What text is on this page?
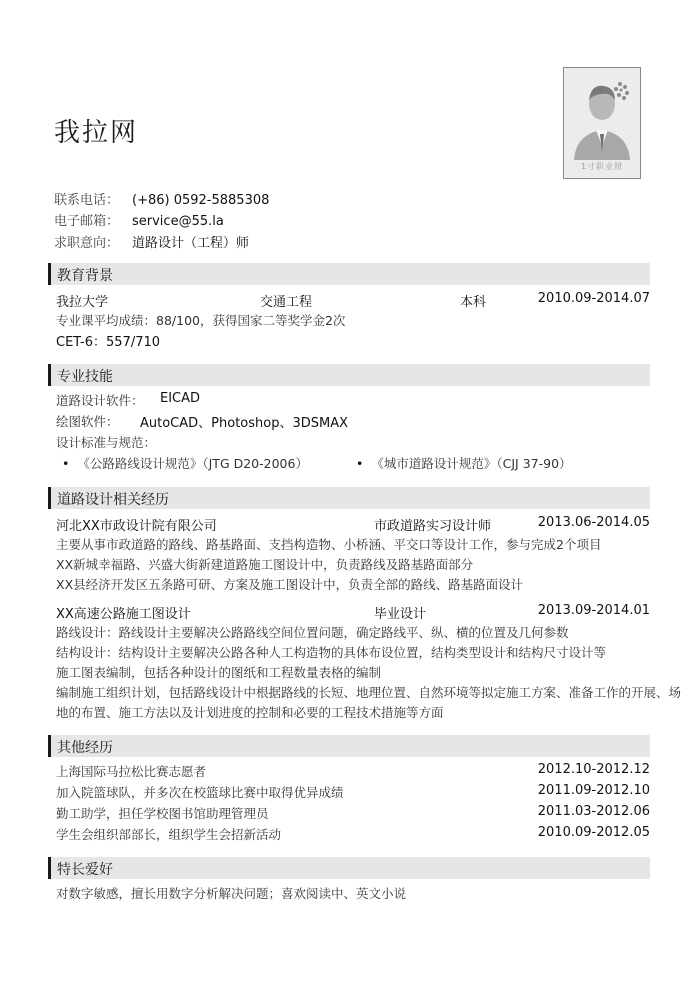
我拉网
1寸职业照
联系电话： (+86) 0592-5885308
电子邮箱： service@55.la
求职意向： 道路设计（工程）师
教育背景
我拉大学	交通工程	本科	2010.09-2014.07
专业课平均成绩：88/100，获得国家二等奖学金2次
CET-6：557/710
专业技能
道路设计软件： EICAD
绘图软件： AutoCAD、Photoshop、3DSMAX
设计标准与规范：
• 《公路路线设计规范》（JTG D20-2006）
•	《城市道路设计规范》（CJJ 37-90）
道路设计相关经历
河北XX市政设计院有限公司	市政道路实习设计师	2013.06-2014.05
主要从事市政道路的路线、路基路面、支挡构造物、小桥涵、平交口等设计工作，参与完成2个项目
XX新城幸福路、兴盛大街新建道路施工图设计中，负责路线及路基路面部分
XX县经济开发区五条路可研、方案及施工图设计中，负责全部的路线、路基路面设计
XX高速公路施工图设计	毕业设计	2013.09-2014.01
路线设计：路线设计主要解决公路路线空间位置问题，确定路线平、纵、横的位置及几何参数
结构设计：结构设计主要解决公路各种人工构造物的具体布设位置，结构类型设计和结构尺寸设计等
施工图表编制，包括各种设计的图纸和工程数量表格的编制
编制施工组织计划，包括路线设计中根据路线的长短、地理位置、自然环境等拟定施工方案、准备工作的开展、场
地的布置、施工方法以及计划进度的控制和必要的工程技术措施等方面
其他经历
上海国际马拉松比赛志愿者	2012.10-2012.12
加入院篮球队，并多次在校篮球比赛中取得优异成绩	2011.09-2012.10
勤工助学，担任学校图书馆助理管理员	2011.03-2012.06
学生会组织部部长，组织学生会招新活动	2010.09-2012.05
特长爱好
对数字敏感，擅长用数字分析解决问题；喜欢阅读中、英文小说
